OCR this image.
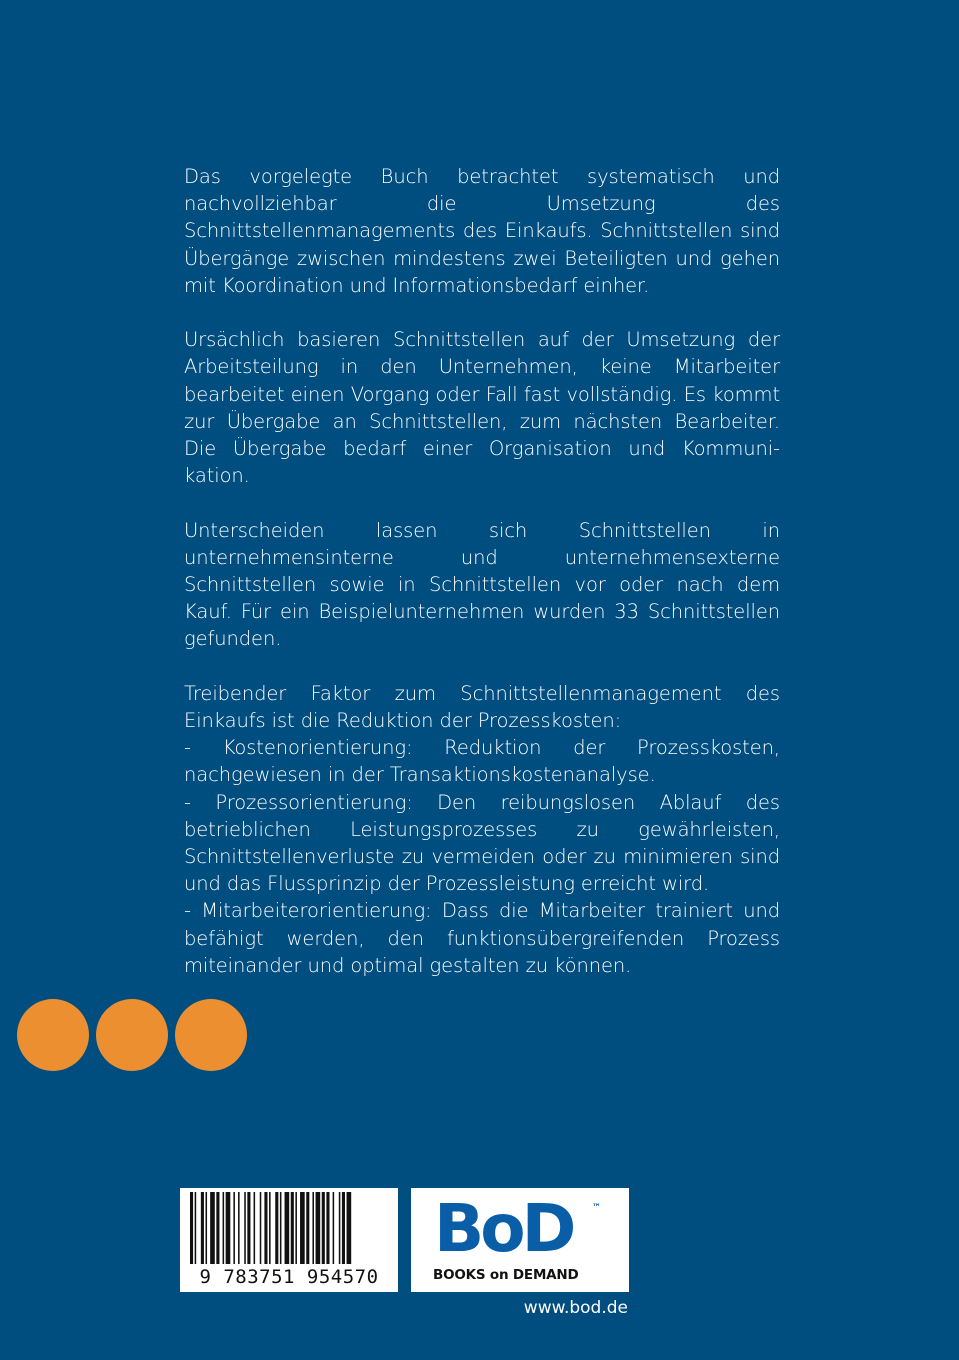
Das vorgelegte Buch betrachtet systematisch und nachvollziehbar die Umsetzung des Schnittstellenmanagements des Einkaufs. Schnittstellen sind Übergänge zwischen mindestens zwei Beteiligten und gehen mit Koordination und Informationsbedarf einher.

Ursächlich basieren Schnittstellen auf der Umsetzung der Arbeitsteilung in den Unternehmen, keine Mitarbeiter bearbeitet einen Vorgang oder Fall fast vollständig. Es kommt zur Übergabe an Schnittstellen, zum nächsten Bearbeiter. Die Übergabe bedarf einer Organisation und Kommuni-kation.

Unterscheiden lassen sich Schnittstellen in unternehmensinterne und unternehmensexterne Schnittstellen sowie in Schnittstellen vor oder nach dem Kauf. Für ein Beispielunternehmen wurden 33 Schnittstellen gefunden.

Treibender Faktor zum Schnittstellenmanagement des Einkaufs ist die Reduktion der Prozesskosten:
- Kostenorientierung: Reduktion der Prozesskosten, nachgewiesen in der Transaktionskostenanalyse.
- Prozessorientierung: Den reibungslosen Ablauf des betrieblichen Leistungsprozesses zu gewährleisten, Schnittstellenverluste zu vermeiden oder zu minimieren sind und das Flussprinzip der Prozessleistung erreicht wird.
- Mitarbeiterorientierung: Dass die Mitarbeiter trainiert und befähigt werden, den funktionsübergreifenden Prozess miteinander und optimal gestalten zu können.

9 783751 954570
BoD ™
BOOKS on DEMAND
www.bod.de
